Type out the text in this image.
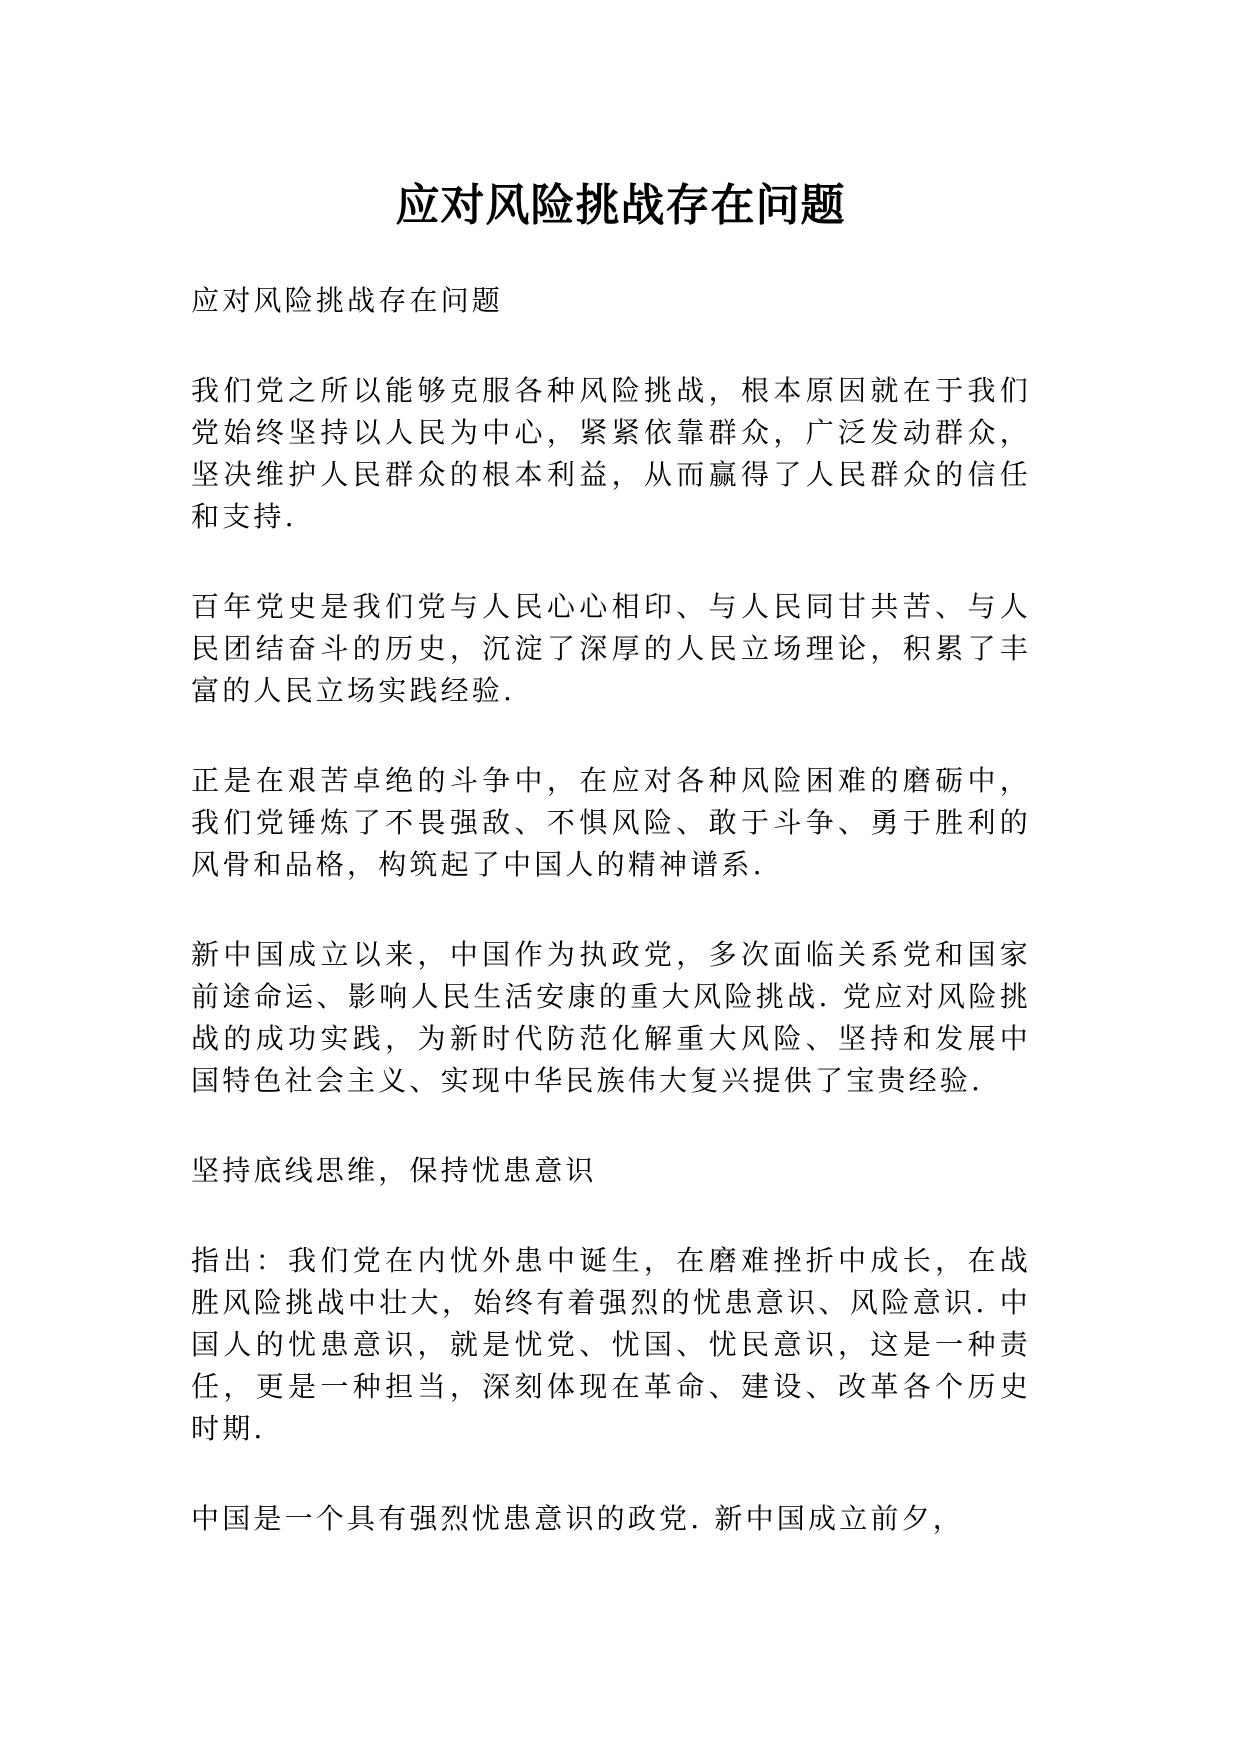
应对风险挑战存在问题

应对风险挑战存在问题

我们党之所以能够克服各种风险挑战，根本原因就在于我们党始终坚持以人民为中心，紧紧依靠群众，广泛发动群众，坚决维护人民群众的根本利益，从而赢得了人民群众的信任和支持.

百年党史是我们党与人民心心相印、与人民同甘共苦、与人民团结奋斗的历史，沉淀了深厚的人民立场理论，积累了丰富的人民立场实践经验.

正是在艰苦卓绝的斗争中，在应对各种风险困难的磨砺中，我们党锤炼了不畏强敌、不惧风险、敢于斗争、勇于胜利的风骨和品格，构筑起了中国人的精神谱系.

新中国成立以来，中国作为执政党，多次面临关系党和国家前途命运、影响人民生活安康的重大风险挑战. 党应对风险挑战的成功实践，为新时代防范化解重大风险、坚持和发展中国特色社会主义、实现中华民族伟大复兴提供了宝贵经验.

坚持底线思维，保持忧患意识

指出：我们党在内忧外患中诞生，在磨难挫折中成长，在战胜风险挑战中壮大，始终有着强烈的忧患意识、风险意识. 中国人的忧患意识，就是忧党、忧国、忧民意识，这是一种责任，更是一种担当，深刻体现在革命、建设、改革各个历史时期.

中国是一个具有强烈忧患意识的政党. 新中国成立前夕，
